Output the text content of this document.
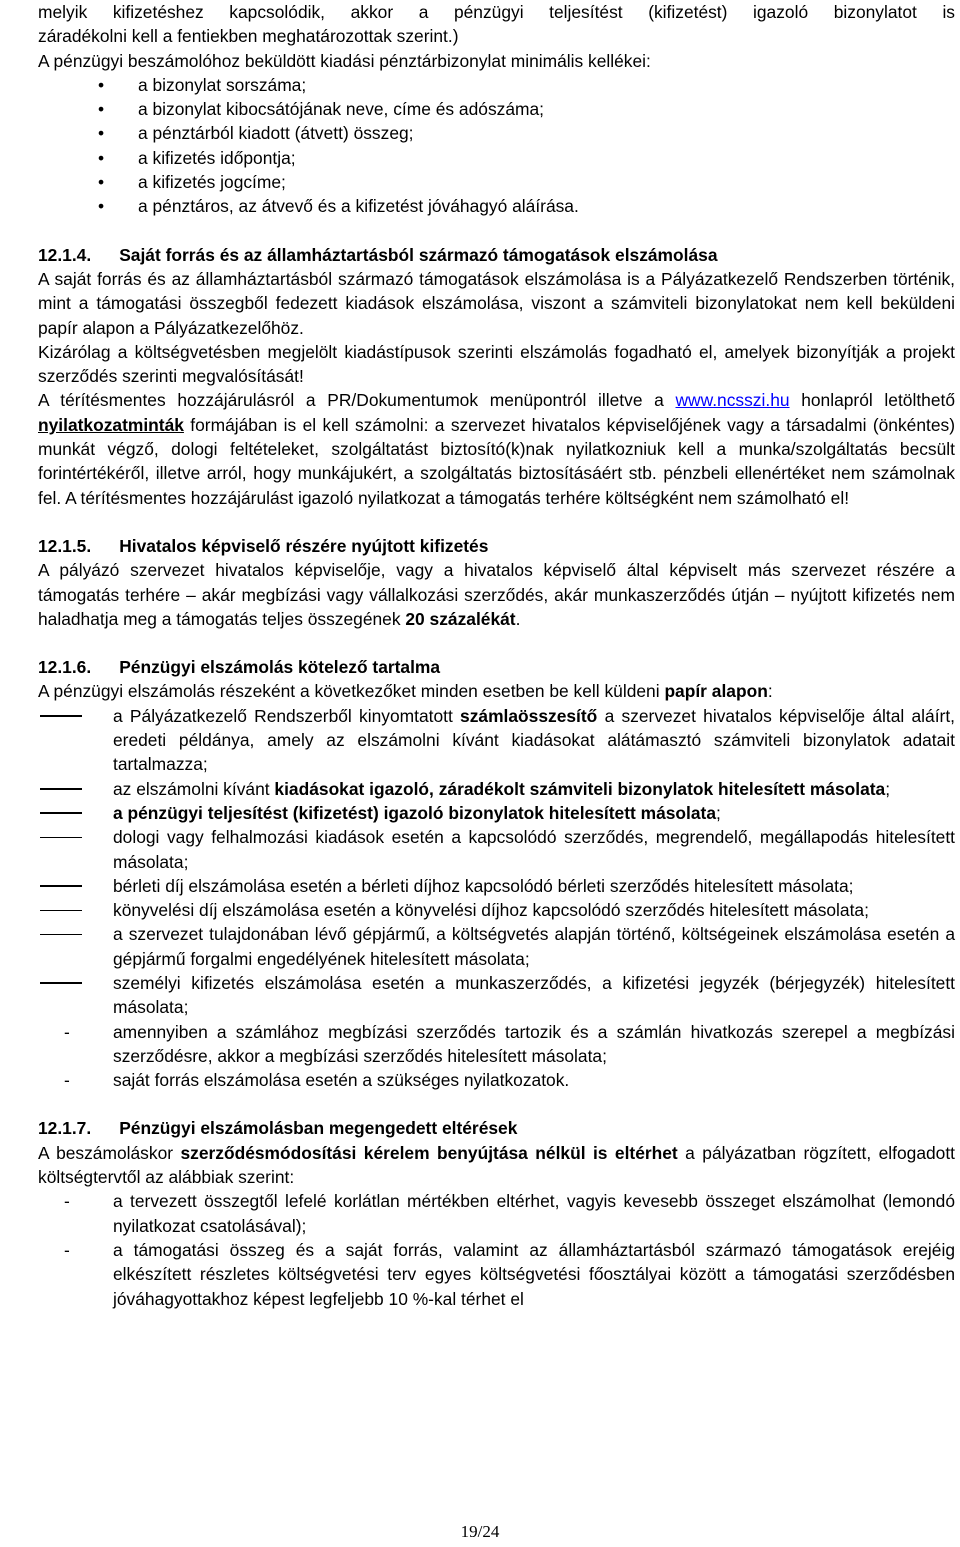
melyik kifizetéshez kapcsolódik, akkor a pénzügyi teljesítést (kifizetést) igazoló bizonylatot is

záradékolni kell a fentiekben meghatározottak szerint.)

A pénzügyi beszámolóhoz beküldött kiadási pénztárbizonylat minimális kellékei:

• a bizonylat sorszáma;
• a bizonylat kibocsátójának neve, címe és adószáma;
• a pénztárból kiadott (átvett) összeg;
• a kifizetés időpontja;
• a kifizetés jogcíme;
• a pénztáros, az átvevő és a kifizetést jóváhagyó aláírása.

12.1.4. Saját forrás és az államháztartásból származó támogatások elszámolása

A saját forrás és az államháztartásból származó támogatások elszámolása is a Pályázatkezelő Rendszerben történik, mint a támogatási összegből fedezett kiadások elszámolása, viszont a számviteli bizonylatokat nem kell beküldeni papír alapon a Pályázatkezelőhöz.

Kizárólag a költségvetésben megjelölt kiadástípusok szerinti elszámolás fogadható el, amelyek bizonyítják a projekt szerződés szerinti megvalósítását!

A térítésmentes hozzájárulásról a PR/Dokumentumok menüpontról illetve a www.ncsszi.hu honlapról letölthető nyilatkozatminták formájában is el kell számolni: a szervezet hivatalos képviselőjének vagy a társadalmi (önkéntes) munkát végző, dologi feltételeket, szolgáltatást biztosító(k)nak nyilatkozniuk kell a munka/szolgáltatás becsült forintértékéről, illetve arról, hogy munkájukért, a szolgáltatás biztosításáért stb. pénzbeli ellenértéket nem számolnak fel. A térítésmentes hozzájárulást igazoló nyilatkozat a támogatás terhére költségként nem számolható el!

12.1.5. Hivatalos képviselő részére nyújtott kifizetés

A pályázó szervezet hivatalos képviselője, vagy a hivatalos képviselő által képviselt más szervezet részére a támogatás terhére – akár megbízási vagy vállalkozási szerződés, akár munkaszerződés útján – nyújtott kifizetés nem haladhatja meg a támogatás teljes összegének 20 százalékát.

12.1.6. Pénzügyi elszámolás kötelező tartalma

A pénzügyi elszámolás részeként a következőket minden esetben be kell küldeni papír alapon:

a Pályázatkezelő Rendszerből kinyomtatott számlaösszesítő a szervezet hivatalos képviselője által aláírt, eredeti példánya, amely az elszámolni kívánt kiadásokat alátámasztó számviteli bizonylatok adatait tartalmazza;
az elszámolni kívánt kiadásokat igazoló, záradékolt számviteli bizonylatok hitelesített másolata;
a pénzügyi teljesítést (kifizetést) igazoló bizonylatok hitelesített másolata;
dologi vagy felhalmozási kiadások esetén a kapcsolódó szerződés, megrendelő, megállapodás hitelesített másolata;
bérleti díj elszámolása esetén a bérleti díjhoz kapcsolódó bérleti szerződés hitelesített másolata;
könyvelési díj elszámolása esetén a könyvelési díjhoz kapcsolódó szerződés hitelesített másolata;
a szervezet tulajdonában lévő gépjármű, a költségvetés alapján történő, költségeinek elszámolása esetén a gépjármű forgalmi engedélyének hitelesített másolata;
személyi kifizetés elszámolása esetén a munkaszerződés, a kifizetési jegyzék (bérjegyzék) hitelesített másolata;
- amennyiben a számlához megbízási szerződés tartozik és a számlán hivatkozás szerepel a megbízási szerződésre, akkor a megbízási szerződés hitelesített másolata;
- saját forrás elszámolása esetén a szükséges nyilatkozatok.

12.1.7. Pénzügyi elszámolásban megengedett eltérések

A beszámoláskor szerződésmódosítási kérelem benyújtása nélkül is eltérhet a pályázatban rögzített, elfogadott költségtervtől az alábbiak szerint:

- a tervezett összegtől lefelé korlátlan mértékben eltérhet, vagyis kevesebb összeget elszámolhat (lemondó nyilatkozat csatolásával);
- a támogatási összeg és a saját forrás, valamint az államháztartásból származó támogatások erejéig elkészített részletes költségvetési terv egyes költségvetési főosztályai között a támogatási szerződésben jóváhagyottakhoz képest legfeljebb 10 %-kal térhet el
19/24
